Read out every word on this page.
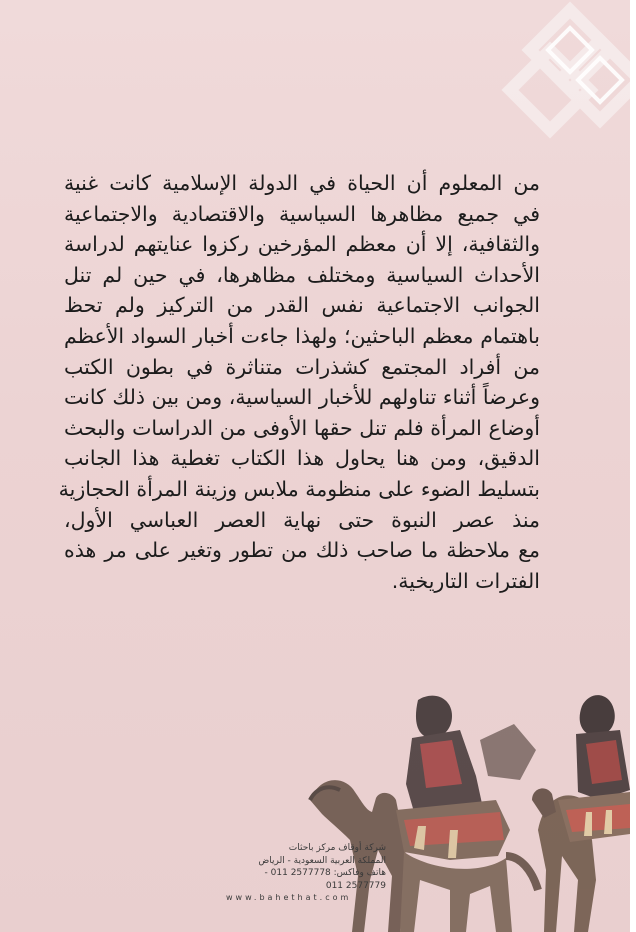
من المعلوم أن الحياة في الدولة الإسلامية كانت غنية
في جميع مظاهرها السياسية والاقتصادية والاجتماعية
والثقافية، إلا أن معظم المؤرخين ركزوا عنايتهم لدراسة
الأحداث السياسية ومختلف مظاهرها، في حين لم تنل
الجوانب الاجتماعية نفس القدر من التركيز ولم تحظ
باهتمام معظم الباحثين؛ ولهذا جاءت أخبار السواد الأعظم
من أفراد المجتمع كشذرات متناثرة في بطون الكتب
وعرضاً أثناء تناولهم للأخبار السياسية، ومن بين ذلك كانت
أوضاع المرأة فلم تنل حقها الأوفى من الدراسات والبحث
الدقيق، ومن هنا يحاول هذا الكتاب تغطية هذا الجانب
بتسليط الضوء على منظومة ملابس وزينة المرأة الحجازية
منذ عصر النبوة حتى نهاية العصر العباسي الأول،
مع ملاحظة ما صاحب ذلك من تطور وتغير على مر هذه
الفترات التاريخية.
شركة أوقاف مركز باحثات
المملكة العربية السعودية - الرياض
هاتف وفاكس: 2577778 011 - 2577779 011
www.bahethat.com
